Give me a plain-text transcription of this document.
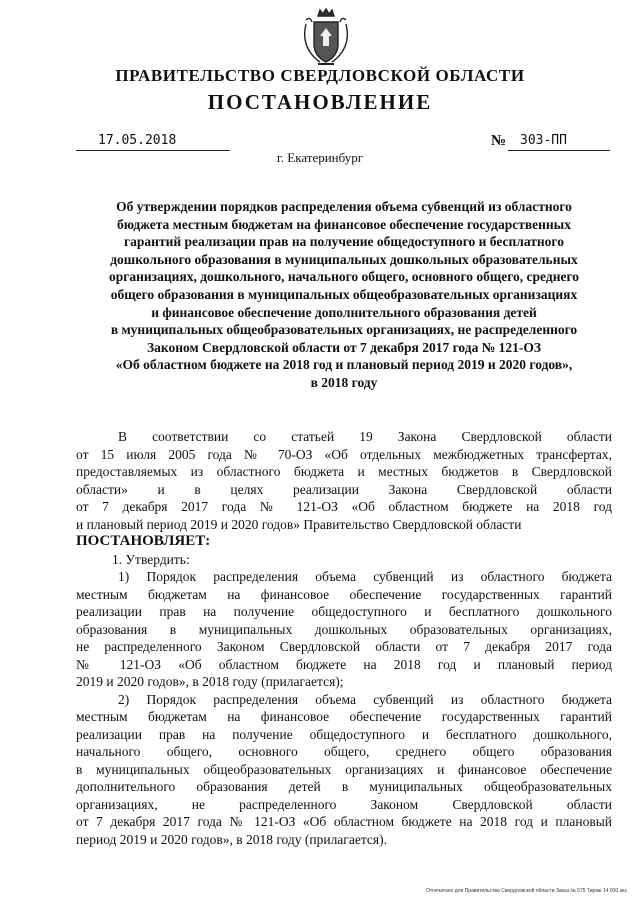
ПРАВИТЕЛЬСТВО СВЕРДЛОВСКОЙ ОБЛАСТИ
ПОСТАНОВЛЕНИЕ
17.05.2018	№	303-ПП
г. Екатеринбург
Об утверждении порядков распределения объема субвенций из областного
бюджета местным бюджетам на финансовое обеспечение государственных
гарантий реализации прав на получение общедоступного и бесплатного
дошкольного образования в муниципальных дошкольных образовательных
организациях, дошкольного, начального общего, основного общего, среднего
общего образования в муниципальных общеобразовательных организациях
и финансовое обеспечение дополнительного образования детей
в муниципальных общеобразовательных организациях, не распределенного
Законом Свердловской области от 7 декабря 2017 года № 121-ОЗ
«Об областном бюджете на 2018 год и плановый период 2019 и 2020 годов»,
в 2018 году
В соответствии со статьей 19 Закона Свердловской области
от 15 июля 2005 года № 70-ОЗ «Об отдельных межбюджетных трансфертах,
предоставляемых из областного бюджета и местных бюджетов в Свердловской
области» и в целях реализации Закона Свердловской области
от 7 декабря 2017 года № 121-ОЗ «Об областном бюджете на 2018 год
и плановый период 2019 и 2020 годов» Правительство Свердловской области
ПОСТАНОВЛЯЕТ:
1. Утвердить:
1) Порядок распределения объема субвенций из областного бюджета
местным бюджетам на финансовое обеспечение государственных гарантий
реализации прав на получение общедоступного и бесплатного дошкольного
образования в муниципальных дошкольных образовательных организациях,
не распределенного Законом Свердловской области от 7 декабря 2017 года
№ 121-ОЗ «Об областном бюджете на 2018 год и плановый период
2019 и 2020 годов», в 2018 году (прилагается);
2) Порядок распределения объема субвенций из областного бюджета
местным бюджетам на финансовое обеспечение государственных гарантий
реализации прав на получение общедоступного и бесплатного дошкольного,
начального общего, основного общего, среднего общего образования
в муниципальных общеобразовательных организациях и финансовое обеспечение
дополнительного образования детей в муниципальных общеобразовательных
организациях, не распределенного Законом Свердловской области
от 7 декабря 2017 года № 121-ОЗ «Об областном бюджете на 2018 год и плановый
период 2019 и 2020 годов», в 2018 году (прилагается).
Отпечатано для Правительства Свердловской области Заказ № 575 Тираж 14 000 экз.
